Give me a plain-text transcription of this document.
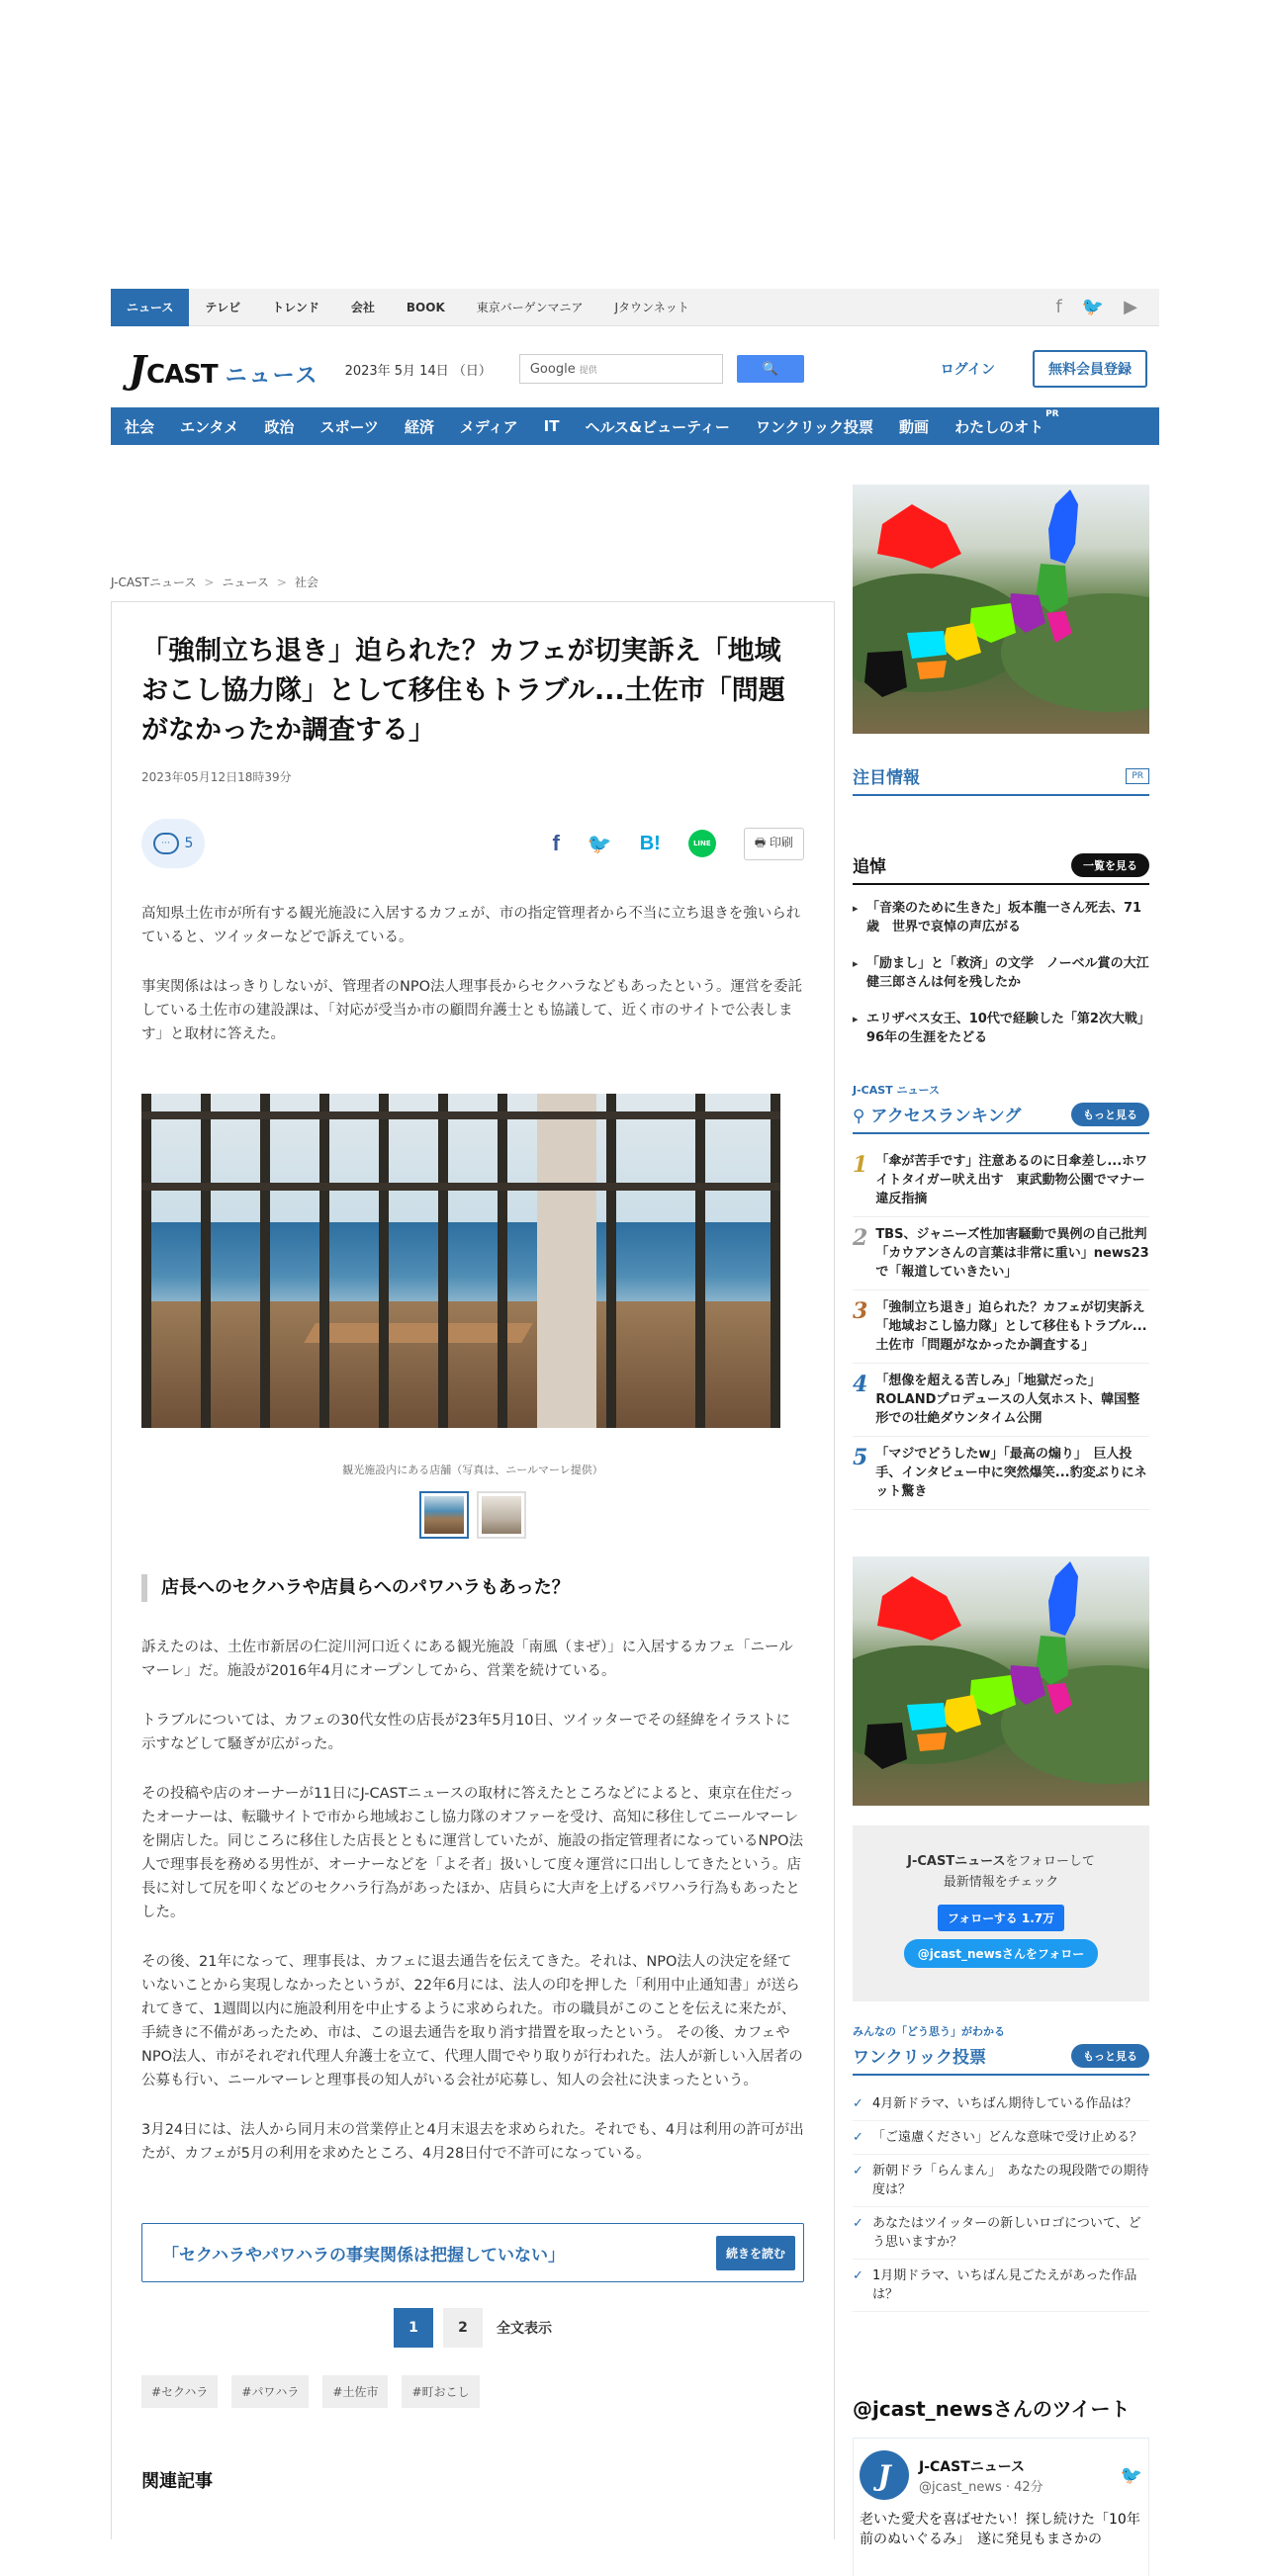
ニュース	テレビ	トレンド	会社	BOOK	東京バーゲンマニア	Jタウンネット	f 🐦 ▶
J CAST ニュース 2023年 5月 14日 （日）	Google 提供	🔍	ログイン	無料会員登録
社会 エンタメ 政治 スポーツ 経済 メディア IT ヘルス&ビューティー ワンクリック投票 動画 わたしのオト
PR
J-CASTニュース > ニュース > 社会
「強制立ち退き」迫られた？カフェが切実訴え「地域おこし協力隊」として移住もトラブル...土佐市「問題がなかったか調査する」
2023年05月12日18時39分
···	5	f 🐦 B!	LINE	🖶 印刷

高知県土佐市が所有する観光施設に入居するカフェが、市の指定管理者から不当に立ち退きを強いられていると、ツイッターなどで訴えている。

事実関係ははっきりしないが、管理者のNPO法人理事長からセクハラなどもあったという。運営を委託している土佐市の建設課は、「対応が受当か市の顧問弁護士とも協議して、近く市のサイトで公表します」と取材に答えた。

観光施設内にある店舗（写真は、ニールマーレ提供）
店長へのセクハラや店員らへのパワハラもあった？

訴えたのは、土佐市新居の仁淀川河口近くにある観光施設「南風（まぜ）」に入居するカフェ「ニールマーレ」だ。施設が2016年4月にオープンしてから、営業を続けている。

トラブルについては、カフェの30代女性の店長が23年5月10日、ツイッターでその経緯をイラストに示すなどして騒ぎが広がった。

その投稿や店のオーナーが11日にJ-CASTニュースの取材に答えたところなどによると、東京在住だったオーナーは、転職サイトで市から地域おこし協力隊のオファーを受け、高知に移住してニールマーレを開店した。同じころに移住した店長とともに運営していたが、施設の指定管理者になっているNPO法人で理事長を務める男性が、オーナーなどを「よそ者」扱いして度々運営に口出ししてきたという。店長に対して尻を叩くなどのセクハラ行為があったほか、店員らに大声を上げるパワハラ行為もあったとした。

その後、21年になって、理事長は、カフェに退去通告を伝えてきた。それは、NPO法人の決定を経ていないことから実現しなかったというが、22年6月には、法人の印を押した「利用中止通知書」が送られてきて、1週間以内に施設利用を中止するように求められた。市の職員がこのことを伝えに来たが、手続きに不備があったため、市は、この退去通告を取り消す措置を取ったという。 その後、カフェやNPO法人、市がそれぞれ代理人弁護士を立て、代理人間でやり取りが行われた。法人が新しい入居者の公募も行い、ニールマーレと理事長の知人がいる会社が応募し、知人の会社に決まったという。

3月24日には、法人から同月末の営業停止と4月末退去を求められた。それでも、4月は利用の許可が出たが、カフェが5月の利用を求めたところ、4月28日付で不許可になっている。

「セクハラやパワハラの事実関係は把握していない」	続きを読む
1	2	全文表示
#セクハラ	#パワハラ	#土佐市	#町おこし
関連記事
注目情報	PR
追悼	一覧を見る
▸ 「音楽のために生きた」坂本龍一さん死去、71歳　世界で哀悼の声広がる
▸ 「励まし」と「救済」の文学　ノーベル賞の大江健三郎さんは何を残したか
▸ エリザベス女王、10代で経験した「第2次大戦」　96年の生涯をたどる
J-CAST ニュース
⚲ アクセスランキング	もっと見る
1 「傘が苦手です」注意あるのに日傘差し...ホワイトタイガー吠え出す　東武動物公園でマナー違反指摘
2 TBS、ジャニーズ性加害騒動で異例の自己批判「カウアンさんの言葉は非常に重い」news23で「報道していきたい」
3 「強制立ち退き」迫られた？カフェが切実訴え　「地域おこし協力隊」として移住もトラブル...土佐市「問題がなかったか調査する」
4 「想像を超える苦しみ」「地獄だった」ROLANDプロデュースの人気ホスト、韓国整形での壮絶ダウンタイム公開
5 「マジでどうしたw」「最高の煽り」　巨人投手、インタビュー中に突然爆笑...豹変ぶりにネット驚き
J-CASTニュースをフォローして
最新情報をチェック
フォローする 1.7万
@jcast_newsさんをフォロー
みんなの「どう思う」がわかる
ワンクリック投票	もっと見る
✓ 4月新ドラマ、いちばん期待している作品は？
✓ 「ご遠慮ください」どんな意味で受け止める？
✓ 新朝ドラ「らんまん」　あなたの現段階での期待度は？
✓ あなたはツイッターの新しいロゴについて、どう思いますか？
✓ 1月期ドラマ、いちばん見ごたえがあった作品は？
@jcast_newsさんのツイート
J	J-CASTニュース
@jcast_news · 42分
🐦
老いた愛犬を喜ばせたい！探し続けた「10年前のぬいぐるみ」　遂に発見もまさかの
